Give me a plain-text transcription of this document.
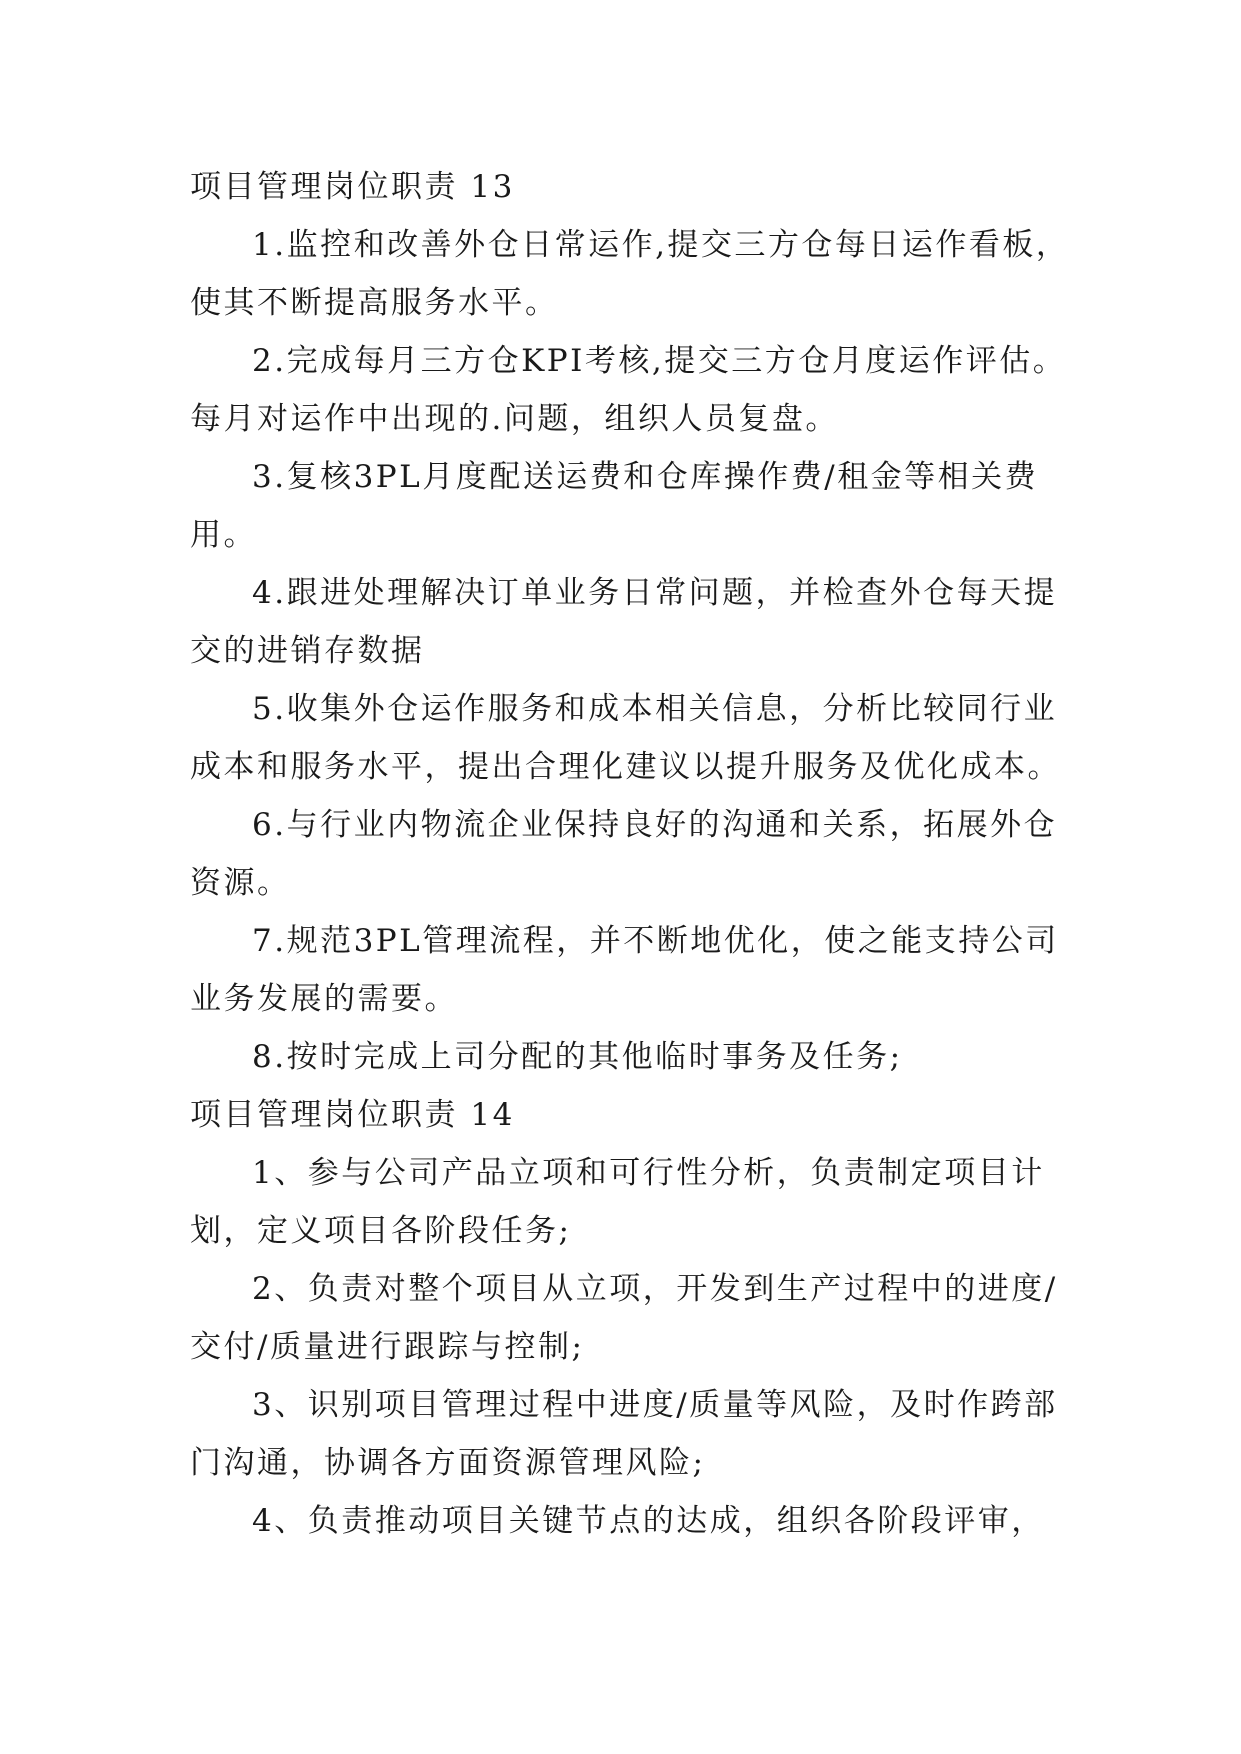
项目管理岗位职责 13
1.监控和改善外仓日常运作,提交三方仓每日运作看板，
使其不断提高服务水平。
2.完成每月三方仓KPI考核,提交三方仓月度运作评估。
每月对运作中出现的.问题，组织人员复盘。
3.复核3PL月度配送运费和仓库操作费/租金等相关费
用。
4.跟进处理解决订单业务日常问题，并检查外仓每天提
交的进销存数据
5.收集外仓运作服务和成本相关信息，分析比较同行业
成本和服务水平，提出合理化建议以提升服务及优化成本。
6.与行业内物流企业保持良好的沟通和关系，拓展外仓
资源。
7.规范3PL管理流程，并不断地优化，使之能支持公司
业务发展的需要。
8.按时完成上司分配的其他临时事务及任务;
项目管理岗位职责 14
1、参与公司产品立项和可行性分析，负责制定项目计
划，定义项目各阶段任务;
2、负责对整个项目从立项，开发到生产过程中的进度/
交付/质量进行跟踪与控制;
3、识别项目管理过程中进度/质量等风险，及时作跨部
门沟通，协调各方面资源管理风险;
4、负责推动项目关键节点的达成，组织各阶段评审，
